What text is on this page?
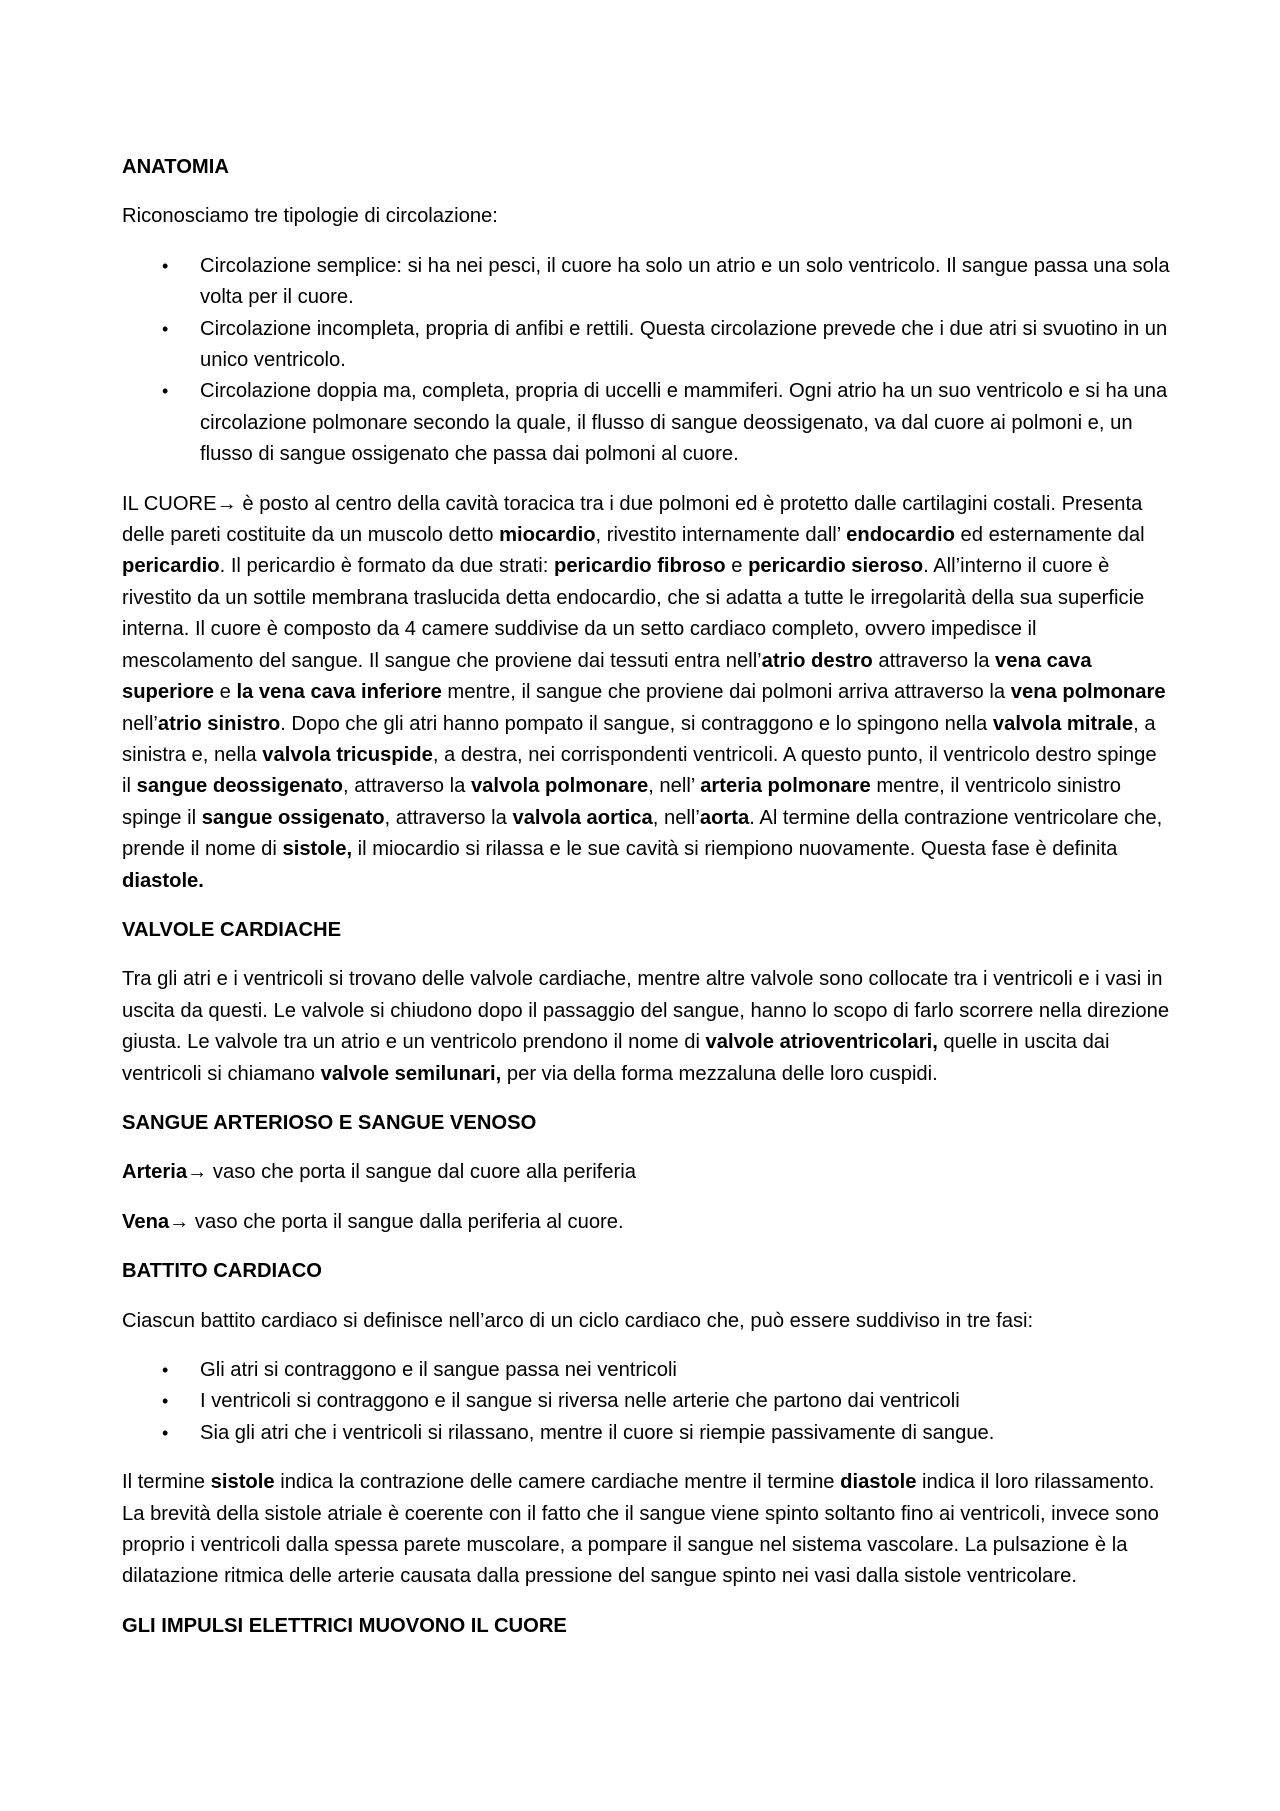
ANATOMIA

Riconosciamo tre tipologie di circolazione:

• Circolazione semplice: si ha nei pesci, il cuore ha solo un atrio e un solo ventricolo. Il sangue passa una sola volta per il cuore.
• Circolazione incompleta, propria di anfibi e rettili. Questa circolazione prevede che i due atri si svuotino in un unico ventricolo.
• Circolazione doppia ma, completa, propria di uccelli e mammiferi. Ogni atrio ha un suo ventricolo e si ha una circolazione polmonare secondo la quale, il flusso di sangue deossigenato, va dal cuore ai polmoni e, un flusso di sangue ossigenato che passa dai polmoni al cuore.

IL CUORE→ è posto al centro della cavità toracica tra i due polmoni ed è protetto dalle cartilagini costali. Presenta delle pareti costituite da un muscolo detto miocardio, rivestito internamente dall’ endocardio ed esternamente dal pericardio. Il pericardio è formato da due strati: pericardio fibroso e pericardio sieroso. All’interno il cuore è rivestito da un sottile membrana traslucida detta endocardio, che si adatta a tutte le irregolarità della sua superficie interna. Il cuore è composto da 4 camere suddivise da un setto cardiaco completo, ovvero impedisce il mescolamento del sangue. Il sangue che proviene dai tessuti entra nell’atrio destro attraverso la vena cava superiore e la vena cava inferiore mentre, il sangue che proviene dai polmoni arriva attraverso la vena polmonare nell’atrio sinistro. Dopo che gli atri hanno pompato il sangue, si contraggono e lo spingono nella valvola mitrale, a sinistra e, nella valvola tricuspide, a destra, nei corrispondenti ventricoli. A questo punto, il ventricolo destro spinge il sangue deossigenato, attraverso la valvola polmonare, nell’ arteria polmonare mentre, il ventricolo sinistro spinge il sangue ossigenato, attraverso la valvola aortica, nell’aorta. Al termine della contrazione ventricolare che, prende il nome di sistole, il miocardio si rilassa e le sue cavità si riempiono nuovamente. Questa fase è definita diastole.

VALVOLE CARDIACHE

Tra gli atri e i ventricoli si trovano delle valvole cardiache, mentre altre valvole sono collocate tra i ventricoli e i vasi in uscita da questi. Le valvole si chiudono dopo il passaggio del sangue, hanno lo scopo di farlo scorrere nella direzione giusta. Le valvole tra un atrio e un ventricolo prendono il nome di valvole atrioventricolari, quelle in uscita dai ventricoli si chiamano valvole semilunari, per via della forma mezzaluna delle loro cuspidi.

SANGUE ARTERIOSO E SANGUE VENOSO

Arteria→ vaso che porta il sangue dal cuore alla periferia

Vena→ vaso che porta il sangue dalla periferia al cuore.

BATTITO CARDIACO

Ciascun battito cardiaco si definisce nell’arco di un ciclo cardiaco che, può essere suddiviso in tre fasi:

• Gli atri si contraggono e il sangue passa nei ventricoli
• I ventricoli si contraggono e il sangue si riversa nelle arterie che partono dai ventricoli
• Sia gli atri che i ventricoli si rilassano, mentre il cuore si riempie passivamente di sangue.

Il termine sistole indica la contrazione delle camere cardiache mentre il termine diastole indica il loro rilassamento. La brevità della sistole atriale è coerente con il fatto che il sangue viene spinto soltanto fino ai ventricoli, invece sono proprio i ventricoli dalla spessa parete muscolare, a pompare il sangue nel sistema vascolare. La pulsazione è la dilatazione ritmica delle arterie causata dalla pressione del sangue spinto nei vasi dalla sistole ventricolare.

GLI IMPULSI ELETTRICI MUOVONO IL CUORE
